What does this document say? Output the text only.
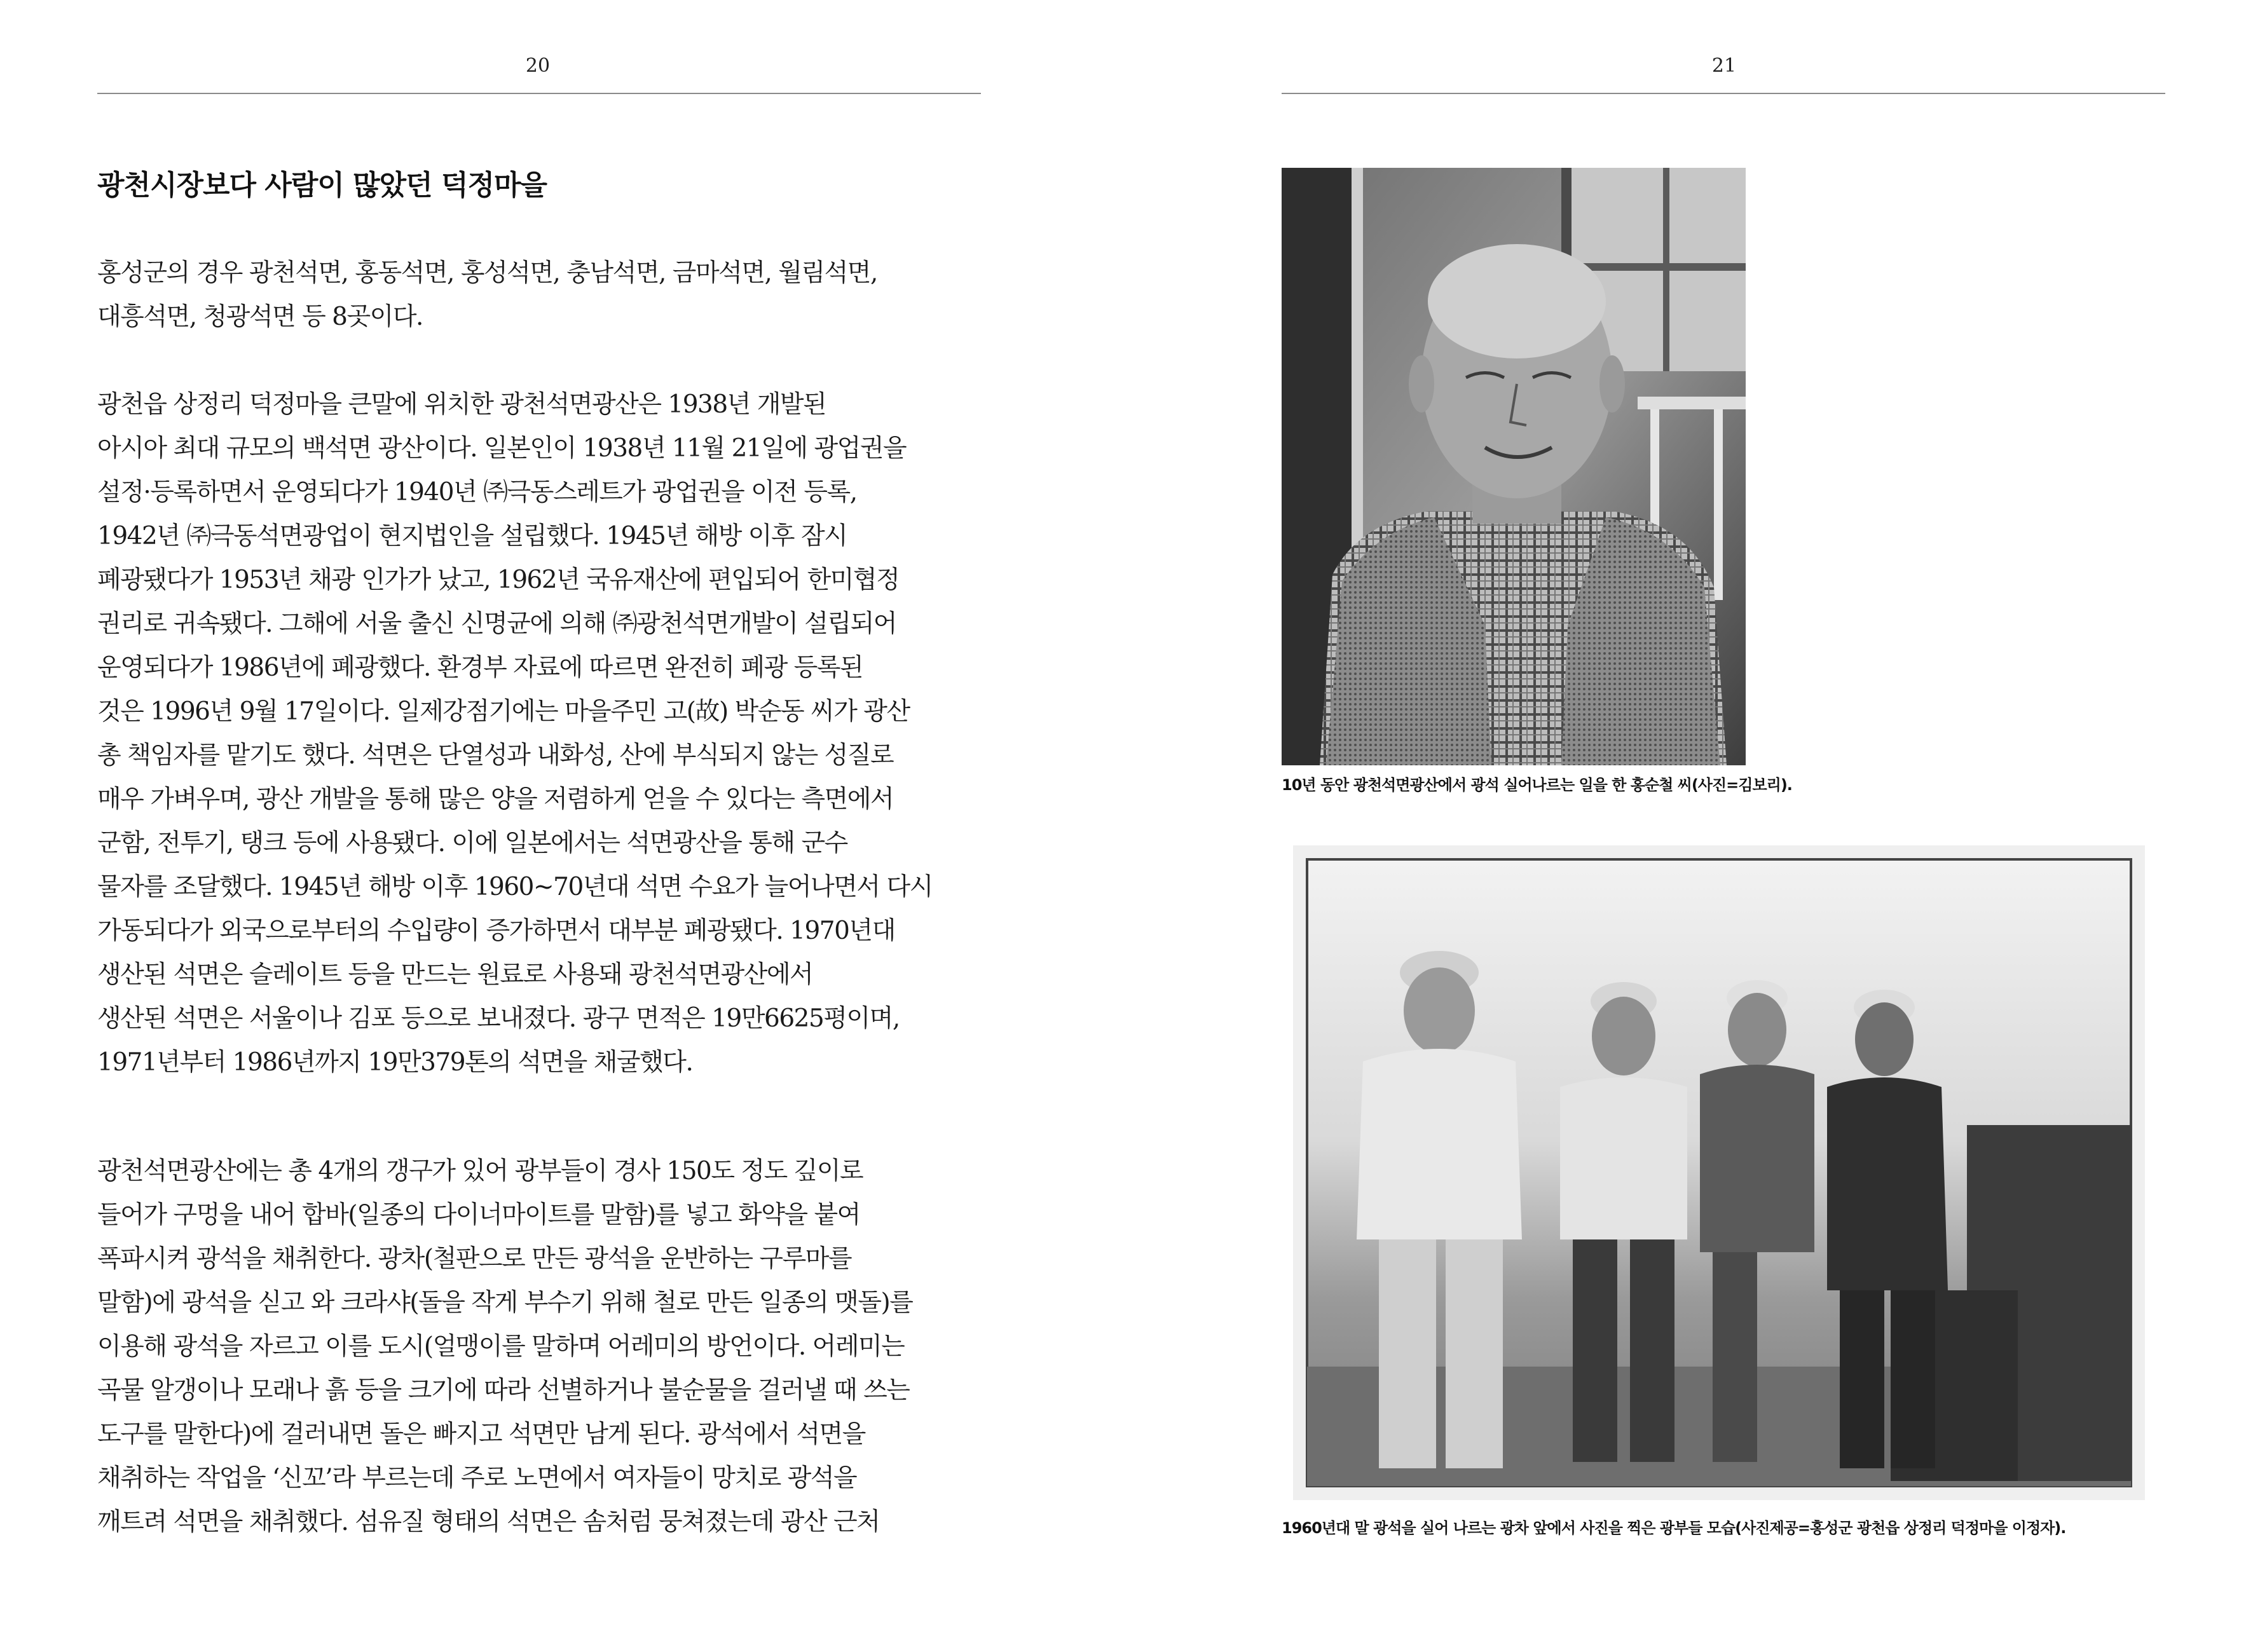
20
광천시장보다 사람이 많았던 덕정마을
홍성군의 경우 광천석면, 홍동석면, 홍성석면, 충남석면, 금마석면, 월림석면,
대흥석면, 청광석면 등 8곳이다.
광천읍 상정리 덕정마을 큰말에 위치한 광천석면광산은 1938년 개발된
아시아 최대 규모의 백석면 광산이다. 일본인이 1938년 11월 21일에 광업권을
설정·등록하면서 운영되다가 1940년 ㈜극동스레트가 광업권을 이전 등록,
1942년 ㈜극동석면광업이 현지법인을 설립했다. 1945년 해방 이후 잠시
폐광됐다가 1953년 채광 인가가 났고, 1962년 국유재산에 편입되어 한미협정
권리로 귀속됐다. 그해에 서울 출신 신명균에 의해 ㈜광천석면개발이 설립되어
운영되다가 1986년에 폐광했다. 환경부 자료에 따르면 완전히 폐광 등록된
것은 1996년 9월 17일이다. 일제강점기에는 마을주민 고(故) 박순동 씨가 광산
총 책임자를 맡기도 했다. 석면은 단열성과 내화성, 산에 부식되지 않는 성질로
매우 가벼우며, 광산 개발을 통해 많은 양을 저렴하게 얻을 수 있다는 측면에서
군함, 전투기, 탱크 등에 사용됐다. 이에 일본에서는 석면광산을 통해 군수
물자를 조달했다. 1945년 해방 이후 1960~70년대 석면 수요가 늘어나면서 다시
가동되다가 외국으로부터의 수입량이 증가하면서 대부분 폐광됐다. 1970년대
생산된 석면은 슬레이트 등을 만드는 원료로 사용돼 광천석면광산에서
생산된 석면은 서울이나 김포 등으로 보내졌다. 광구 면적은 19만6625평이며,
1971년부터 1986년까지 19만379톤의 석면을 채굴했다.
광천석면광산에는 총 4개의 갱구가 있어 광부들이 경사 150도 정도 깊이로
들어가 구멍을 내어 합바(일종의 다이너마이트를 말함)를 넣고 화약을 붙여
폭파시켜 광석을 채취한다. 광차(철판으로 만든 광석을 운반하는 구루마를
말함)에 광석을 싣고 와 크라샤(돌을 작게 부수기 위해 철로 만든 일종의 맷돌)를
이용해 광석을 자르고 이를 도시(얼맹이를 말하며 어레미의 방언이다. 어레미는
곡물 알갱이나 모래나 흙 등을 크기에 따라 선별하거나 불순물을 걸러낼 때 쓰는
도구를 말한다)에 걸러내면 돌은 빠지고 석면만 남게 된다. 광석에서 석면을
채취하는 작업을 ‘신꼬’라 부르는데 주로 노면에서 여자들이 망치로 광석을
깨트려 석면을 채취했다. 섬유질 형태의 석면은 솜처럼 뭉쳐졌는데 광산 근처
21

10년 동안 광천석면광산에서 광석 실어나르는 일을 한 홍순철 씨(사진=김보리).

1960년대 말 광석을 실어 나르는 광차 앞에서 사진을 찍은 광부들 모습(사진제공=홍성군 광천읍 상정리 덕정마을 이정자).
